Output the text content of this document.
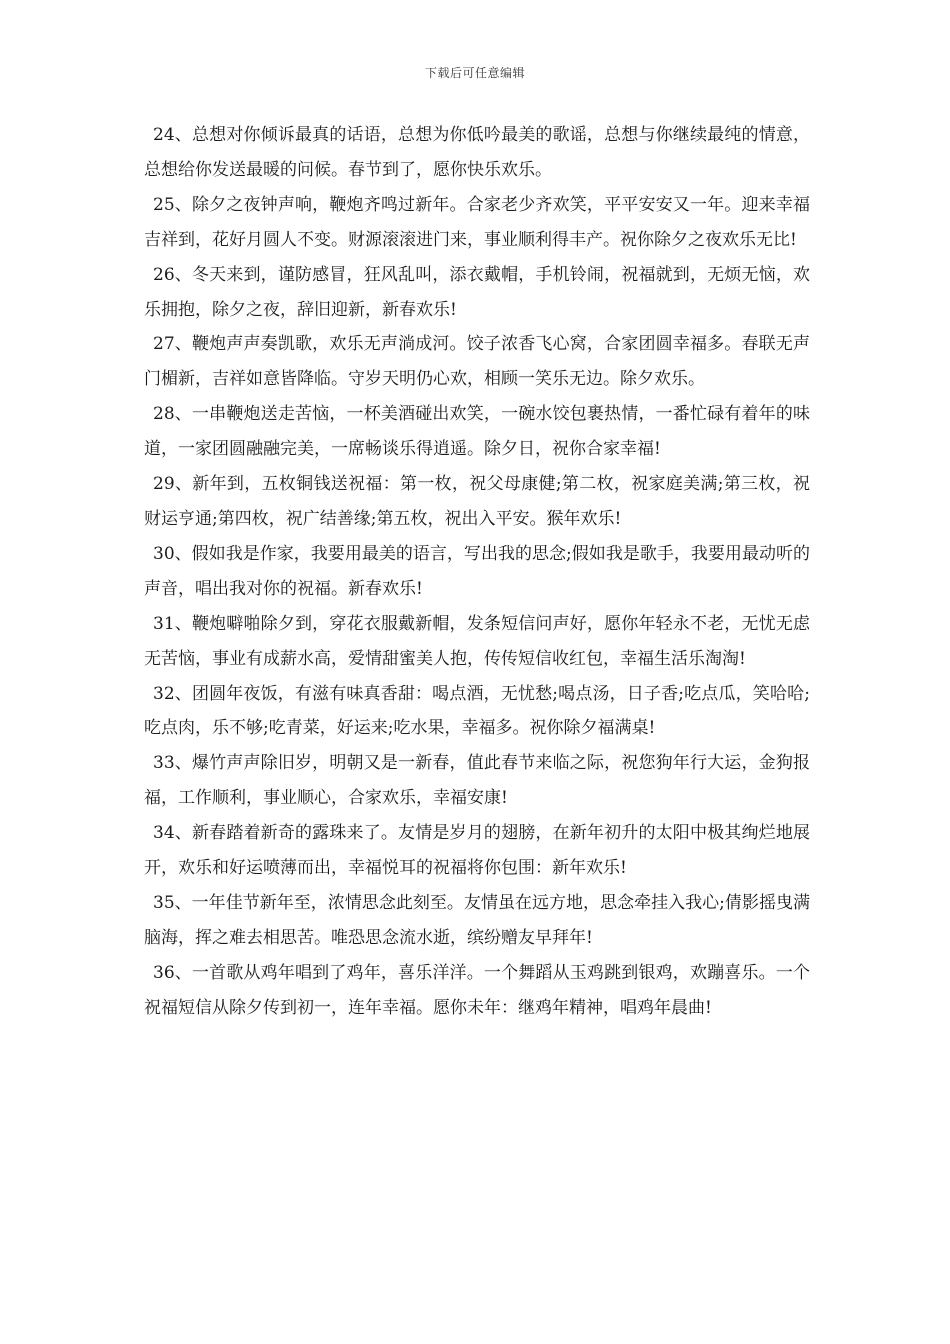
下载后可任意编辑

24、总想对你倾诉最真的话语，总想为你低吟最美的歌谣，总想与你继续最纯的情意，总想给你发送最暖的问候。春节到了，愿你快乐欢乐。

25、除夕之夜钟声响，鞭炮齐鸣过新年。合家老少齐欢笑，平平安安又一年。迎来幸福吉祥到，花好月圆人不变。财源滚滚进门来，事业顺利得丰产。祝你除夕之夜欢乐无比!

26、冬天来到，谨防感冒，狂风乱叫，添衣戴帽，手机铃闹，祝福就到，无烦无恼，欢乐拥抱，除夕之夜，辞旧迎新，新春欢乐!

27、鞭炮声声奏凯歌，欢乐无声淌成河。饺子浓香飞心窝，合家团圆幸福多。春联无声门楣新，吉祥如意皆降临。守岁天明仍心欢，相顾一笑乐无边。除夕欢乐。

28、一串鞭炮送走苦恼，一杯美酒碰出欢笑，一碗水饺包裹热情，一番忙碌有着年的味道，一家团圆融融完美，一席畅谈乐得逍遥。除夕日，祝你合家幸福!

29、新年到，五枚铜钱送祝福：第一枚，祝父母康健;第二枚，祝家庭美满;第三枚，祝财运亨通;第四枚，祝广结善缘;第五枚，祝出入平安。猴年欢乐!

30、假如我是作家，我要用最美的语言，写出我的思念;假如我是歌手，我要用最动听的声音，唱出我对你的祝福。新春欢乐!

31、鞭炮噼啪除夕到，穿花衣服戴新帽，发条短信问声好，愿你年轻永不老，无忧无虑无苦恼，事业有成薪水高，爱情甜蜜美人抱，传传短信收红包，幸福生活乐淘淘!

32、团圆年夜饭，有滋有味真香甜：喝点酒，无忧愁;喝点汤，日子香;吃点瓜，笑哈哈;吃点肉，乐不够;吃青菜，好运来;吃水果，幸福多。祝你除夕福满桌!

33、爆竹声声除旧岁，明朝又是一新春，值此春节来临之际，祝您狗年行大运，金狗报福，工作顺利，事业顺心，合家欢乐，幸福安康!

34、新春踏着新奇的露珠来了。友情是岁月的翅膀，在新年初升的太阳中极其绚烂地展开，欢乐和好运喷薄而出，幸福悦耳的祝福将你包围：新年欢乐!

35、一年佳节新年至，浓情思念此刻至。友情虽在远方地，思念牵挂入我心;倩影摇曳满脑海，挥之难去相思苦。唯恐思念流水逝，缤纷赠友早拜年!

36、一首歌从鸡年唱到了鸡年，喜乐洋洋。一个舞蹈从玉鸡跳到银鸡，欢蹦喜乐。一个祝福短信从除夕传到初一，连年幸福。愿你未年：继鸡年精神，唱鸡年晨曲!
